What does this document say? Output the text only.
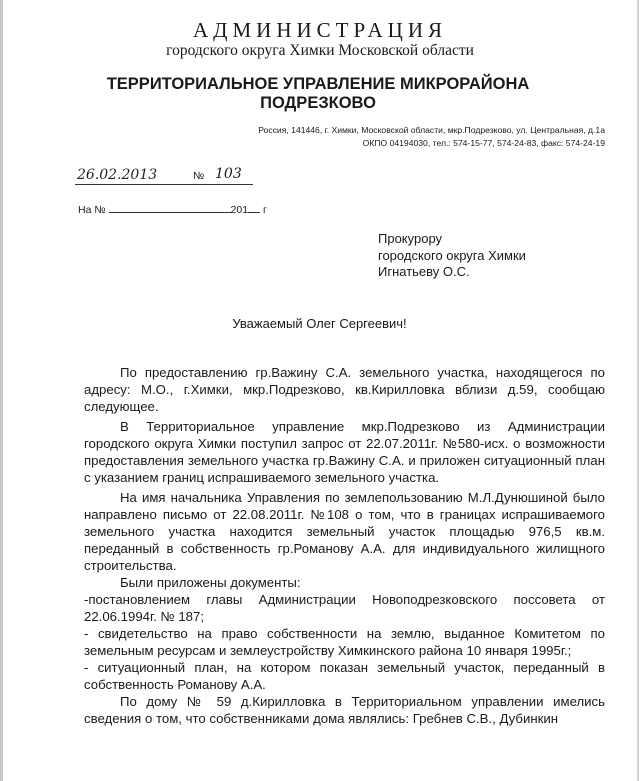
АДМИНИСТРАЦИЯ
городского округа Химки Московской области
ТЕРРИТОРИАЛЬНОЕ УПРАВЛЕНИЕ МИКРОРАЙОНА
ПОДРЕЗКОВО
Россия, 141446, г. Химки, Московской области, мкр.Подрезково, ул. Центральная, д.1а
ОКПО 04194030, тел.: 574-15-77, 574-24-83, факс: 574-24-19
26.02.2013	№ 103
На №	201 г
Прокурору
городского округа Химки
Игнатьеву О.С.
Уважаемый Олег Сергеевич!

По предоставлению гр.Важину С.А. земельного участка, находящегося по адресу: М.О., г.Химки, мкр.Подрезково, кв.Кирилловка вблизи д.59, сообщаю следующее.

В Территориальное управление мкр.Подрезково из Администрации городского округа Химки поступил запрос от 22.07.2011г. №580-исх. о возможности предоставления земельного участка гр.Важину С.А. и приложен ситуационный план с указанием границ испрашиваемого земельного участка.

На имя начальника Управления по землепользованию М.Л.Дунюшиной было направлено письмо от 22.08.2011г. №108 о том, что в границах испрашиваемого земельного участка находится земельный участок площадью 976,5 кв.м. переданный в собственность гр.Романову А.А. для индивидуального жилищного строительства.

Были приложены документы:

-постановлением главы Администрации Новоподрезковского поссовета от 22.06.1994г. № 187;

- свидетельство на право собственности на землю, выданное Комитетом по земельным ресурсам и землеустройству Химкинского района 10 января 1995г.;

- ситуационный план, на котором показан земельный участок, переданный в собственность Романову А.А.

По дому № 59 д.Кирилловка в Территориальном управлении имелись сведения о том, что собственниками дома являлись: Гребнев С.В., Дубинкин
